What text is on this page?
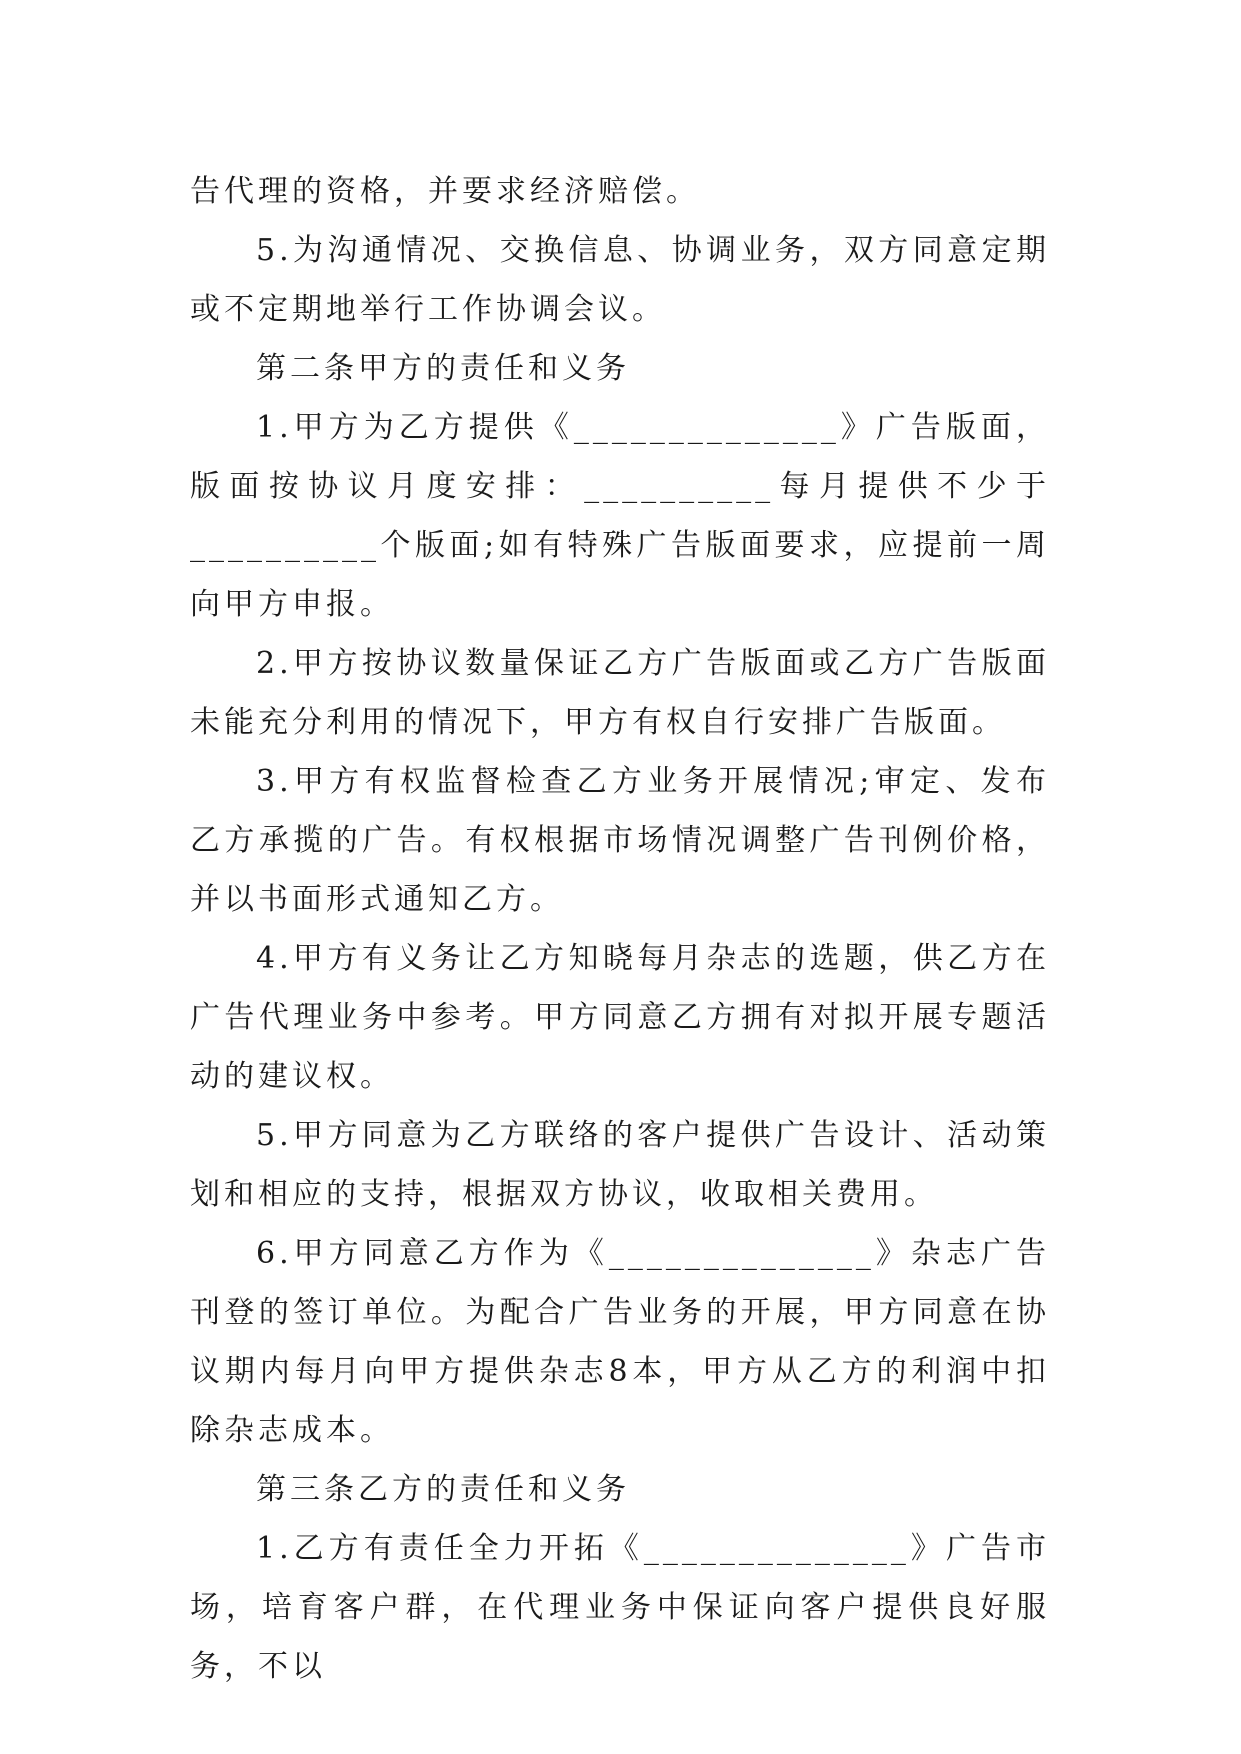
告代理的资格，并要求经济赔偿。

5.为沟通情况、交换信息、协调业务，双方同意定期或不定期地举行工作协调会议。

第二条甲方的责任和义务

1.甲方为乙方提供《______________》广告版面，版面按协议月度安排：__________每月提供不少于__________个版面;如有特殊广告版面要求，应提前一周向甲方申报。

2.甲方按协议数量保证乙方广告版面或乙方广告版面未能充分利用的情况下，甲方有权自行安排广告版面。

3.甲方有权监督检查乙方业务开展情况;审定、发布乙方承揽的广告。有权根据市场情况调整广告刊例价格，并以书面形式通知乙方。

4.甲方有义务让乙方知晓每月杂志的选题，供乙方在广告代理业务中参考。甲方同意乙方拥有对拟开展专题活动的建议权。

5.甲方同意为乙方联络的客户提供广告设计、活动策划和相应的支持，根据双方协议，收取相关费用。

6.甲方同意乙方作为《______________》杂志广告刊登的签订单位。为配合广告业务的开展，甲方同意在协议期内每月向甲方提供杂志8本，甲方从乙方的利润中扣除杂志成本。

第三条乙方的责任和义务

1.乙方有责任全力开拓《______________》广告市场，培育客户群，在代理业务中保证向客户提供良好服务，不以
